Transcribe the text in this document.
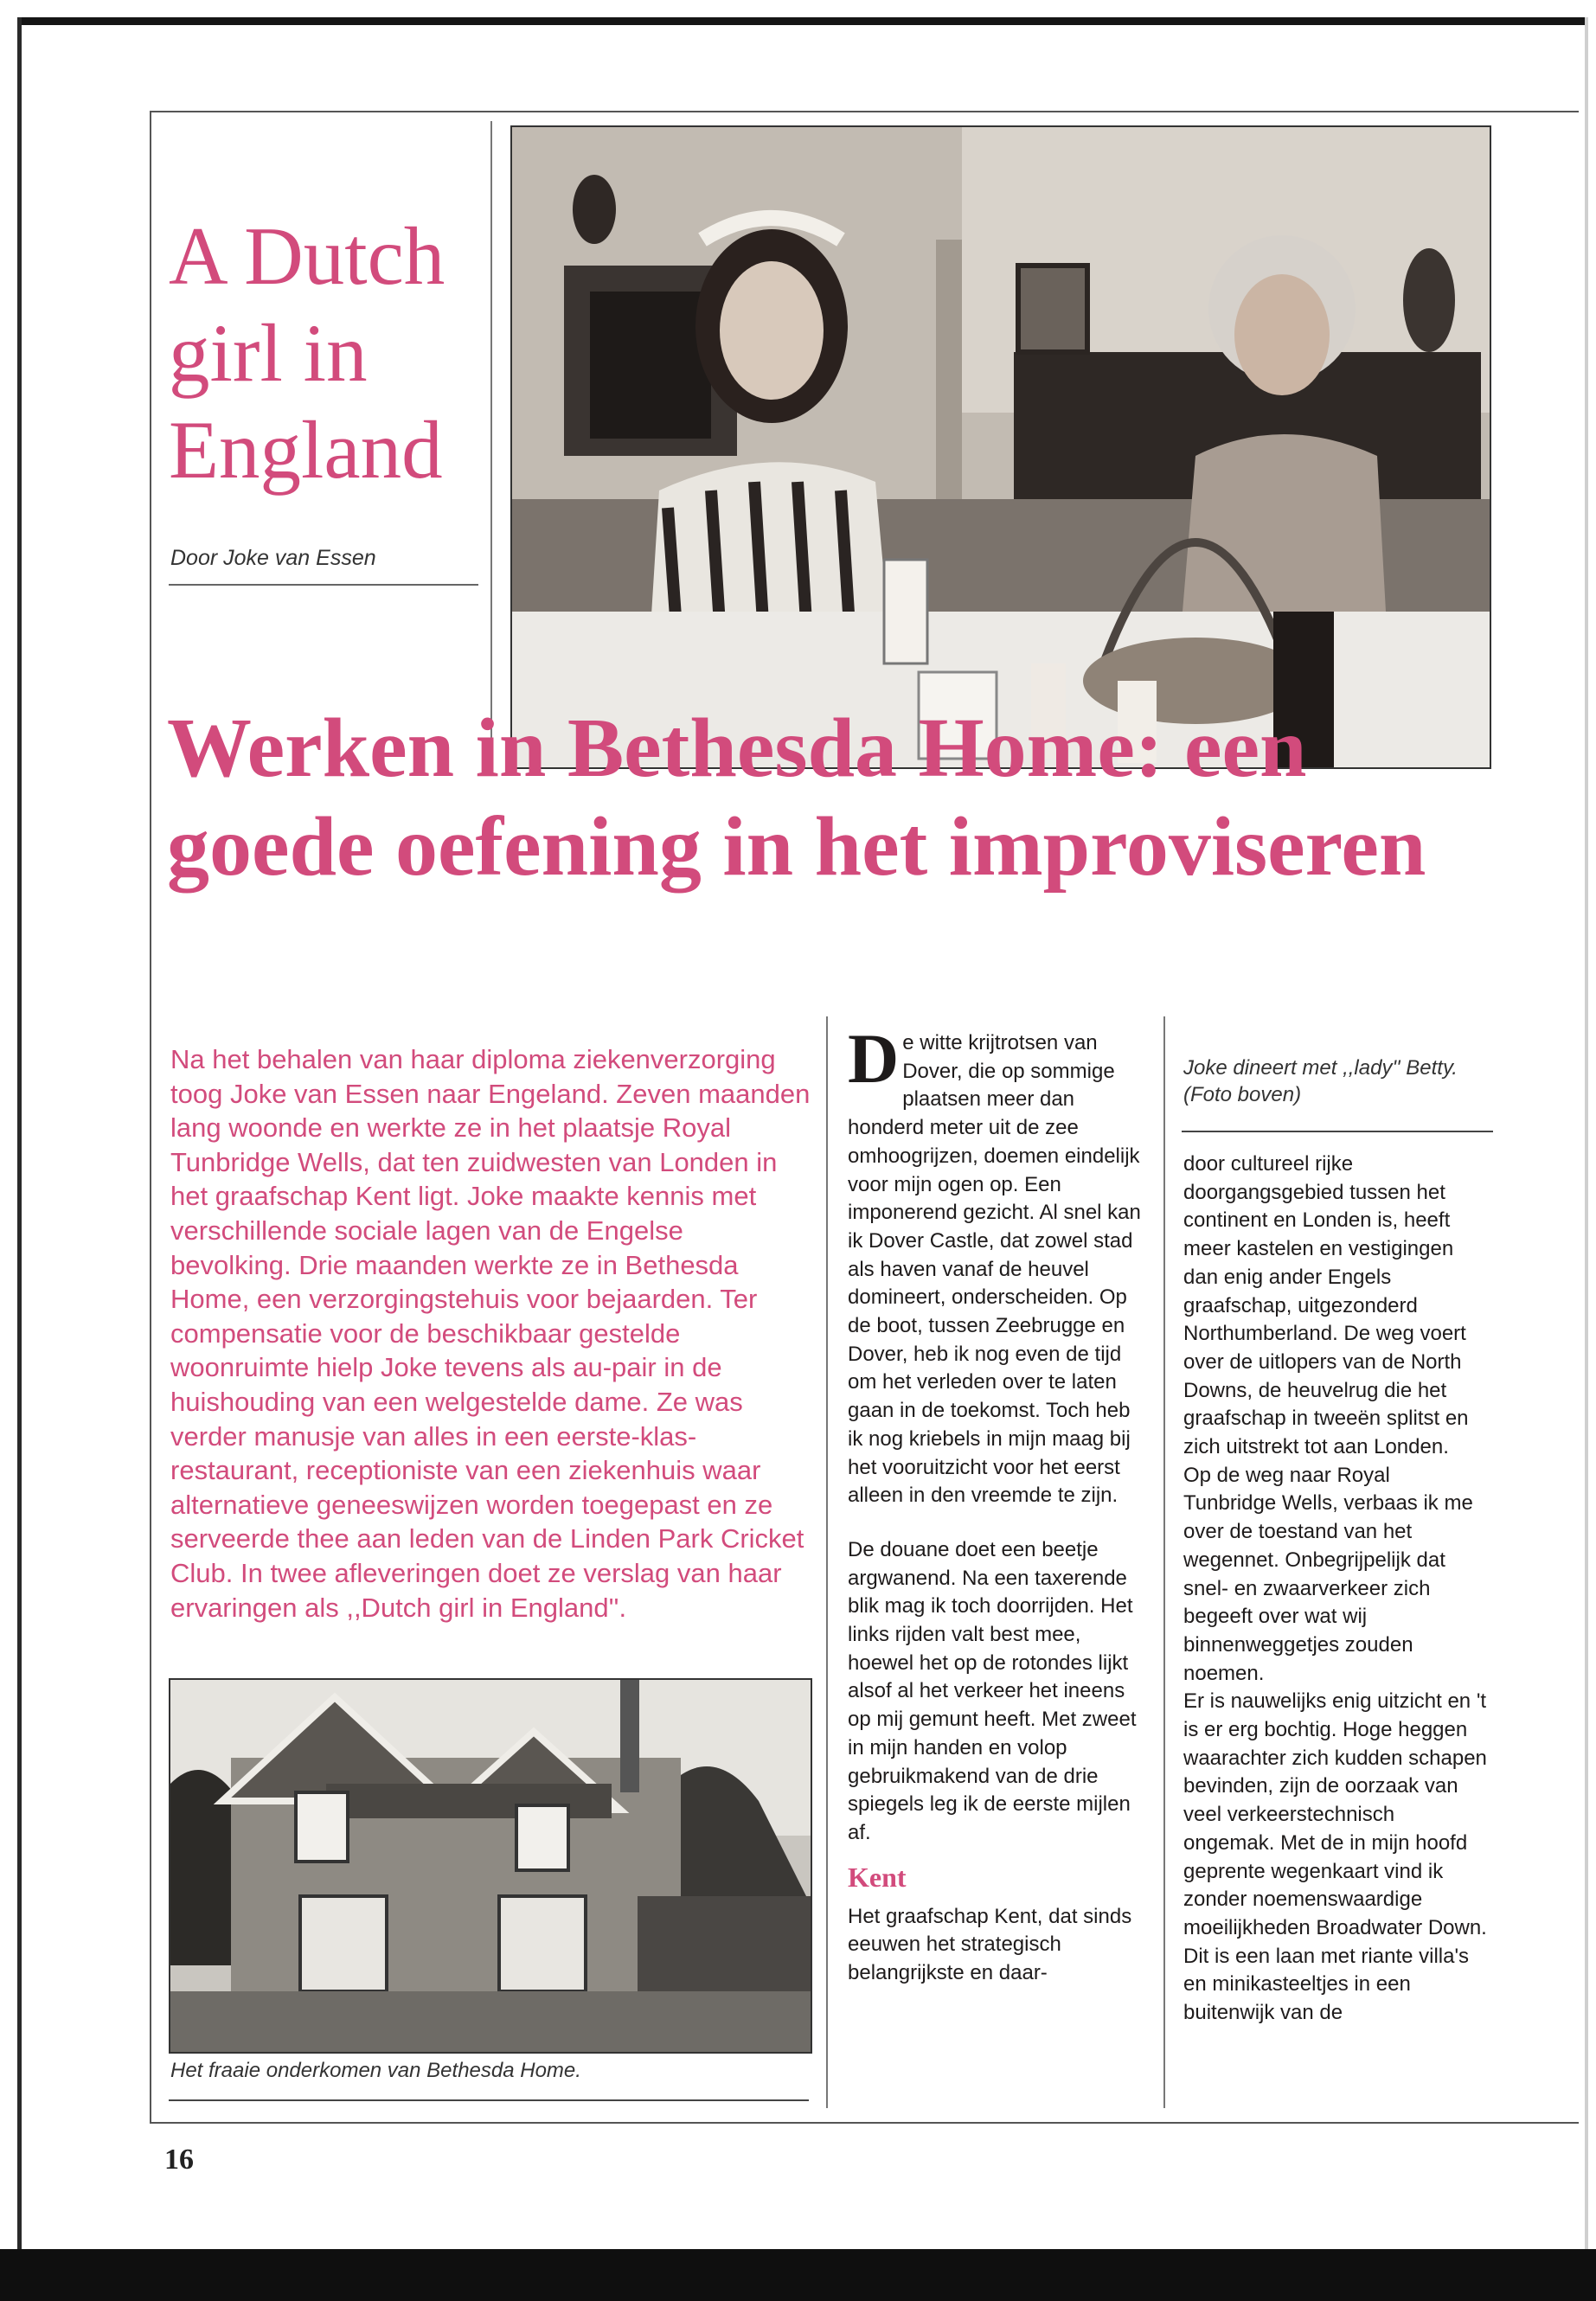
A Dutch girl in England
Door Joke van Essen
Werken in Bethesda Home: een goede oefening in het improviseren

Na het behalen van haar diploma ziekenverzorging toog Joke van Essen naar Engeland. Zeven maanden lang woonde en werkte ze in het plaatsje Royal Tunbridge Wells, dat ten zuidwesten van Londen in het graafschap Kent ligt. Joke maakte kennis met verschillende sociale lagen van de Engelse bevolking. Drie maanden werkte ze in Bethesda Home, een verzorgingstehuis voor bejaarden. Ter compensatie voor de beschikbaar gestelde woonruimte hielp Joke tevens als au-pair in de huishouding van een welgestelde dame. Ze was verder manusje van alles in een eerste-klas-restaurant, receptioniste van een ziekenhuis waar alternatieve geneeswijzen worden toegepast en ze serveerde thee aan leden van de Linden Park Cricket Club. In twee afleveringen doet ze verslag van haar ervaringen als ,,Dutch girl in England''.

Het fraaie onderkomen van Bethesda Home.

De witte krijtrotsen van Dover, die op sommige plaatsen meer dan honderd meter uit de zee omhoogrijzen, doemen eindelijk voor mijn ogen op. Een imponerend gezicht. Al snel kan ik Dover Castle, dat zowel stad als haven vanaf de heuvel domineert, onderscheiden. Op de boot, tussen Zeebrugge en Dover, heb ik nog even de tijd om het verleden over te laten gaan in de toekomst. Toch heb ik nog kriebels in mijn maag bij het vooruitzicht voor het eerst alleen in den vreemde te zijn.

De douane doet een beetje argwanend. Na een taxerende blik mag ik toch doorrijden. Het links rijden valt best mee, hoewel het op de rotondes lijkt alsof al het verkeer het ineens op mij gemunt heeft. Met zweet in mijn handen en volop gebruikmakend van de drie spiegels leg ik de eerste mijlen af.

Kent

Het graafschap Kent, dat sinds eeuwen het strategisch belangrijkste en daar-

Joke dineert met ,,lady'' Betty. (Foto boven)

door cultureel rijke doorgangsgebied tussen het continent en Londen is, heeft meer kastelen en vestigingen dan enig ander Engels graafschap, uitgezonderd Northumberland. De weg voert over de uitlopers van de North Downs, de heuvelrug die het graafschap in tweeën splitst en zich uitstrekt tot aan Londen.

Op de weg naar Royal Tunbridge Wells, verbaas ik me over de toestand van het wegennet. Onbegrijpelijk dat snel- en zwaarverkeer zich begeeft over wat wij binnenweggetjes zouden noemen.

Er is nauwelijks enig uitzicht en 't is er erg bochtig. Hoge heggen waarachter zich kudden schapen bevinden, zijn de oorzaak van veel verkeerstechnisch ongemak. Met de in mijn hoofd geprente wegenkaart vind ik zonder noemenswaardige moeilijkheden Broadwater Down. Dit is een laan met riante villa's en minikasteeltjes in een buitenwijk van de

16
